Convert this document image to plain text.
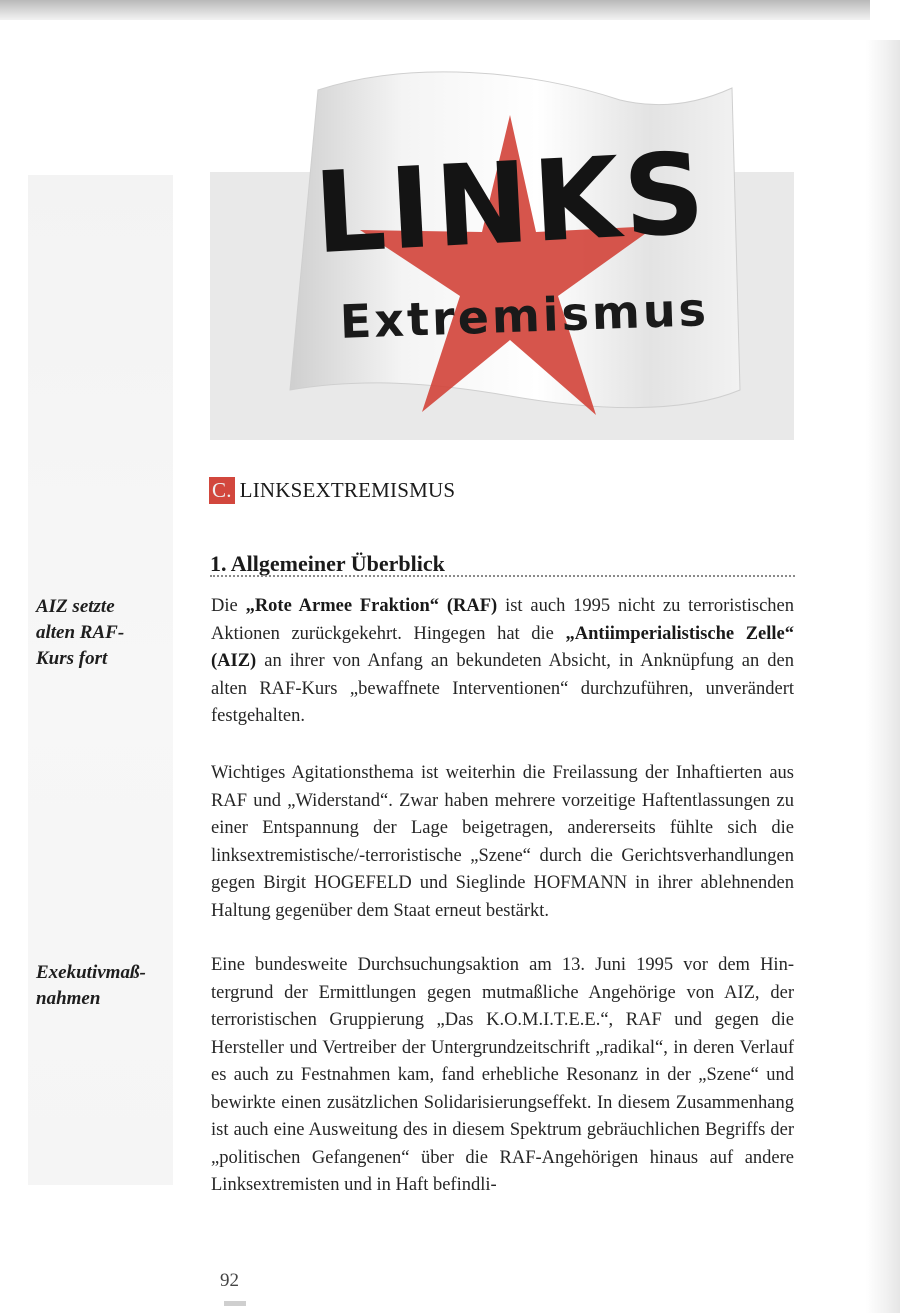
LINKS
Extremismus
C. LINKSEXTREMISMUS
1. Allgemeiner Überblick
AIZ setzte alten RAF-Kurs fort
Exekutivmaß-nahmen
Die „Rote Armee Fraktion“ (RAF) ist auch 1995 nicht zu terroristischen Aktionen zurückgekehrt. Hingegen hat die „Antiimperialistische Zelle“ (AIZ) an ihrer von Anfang an bekundeten Absicht, in Anknüpfung an den alten RAF-Kurs „bewaffnete Interventionen“ durchzuführen, unverändert festgehalten.
Wichtiges Agitationsthema ist weiterhin die Freilassung der Inhaftierten aus RAF und „Widerstand“. Zwar haben mehrere vorzeitige Haftentlassungen zu einer Entspannung der Lage beigetragen, andererseits fühlte sich die linksextremistische/-terroristische „Szene“ durch die Gerichtsverhandlungen gegen Birgit HOGEFELD und Sieglinde HOFMANN in ihrer ablehnenden Haltung gegenüber dem Staat erneut bestärkt.
Eine bundesweite Durchsuchungsaktion am 13. Juni 1995 vor dem Hintergrund der Ermittlungen gegen mutmaßliche Angehörige von AIZ, der terroristischen Gruppierung „Das K.O.M.I.T.E.E.“, RAF und gegen die Hersteller und Vertreiber der Untergrundzeitschrift „radikal“, in deren Verlauf es auch zu Festnahmen kam, fand erhebliche Resonanz in der „Szene“ und bewirkte einen zusätzlichen Solidarisierungseffekt. In diesem Zusammenhang ist auch eine Ausweitung des in diesem Spektrum gebräuchlichen Begriffs der „politischen Gefangenen“ über die RAF-Angehörigen hinaus auf andere Linksextremisten und in Haft befindli-
92
